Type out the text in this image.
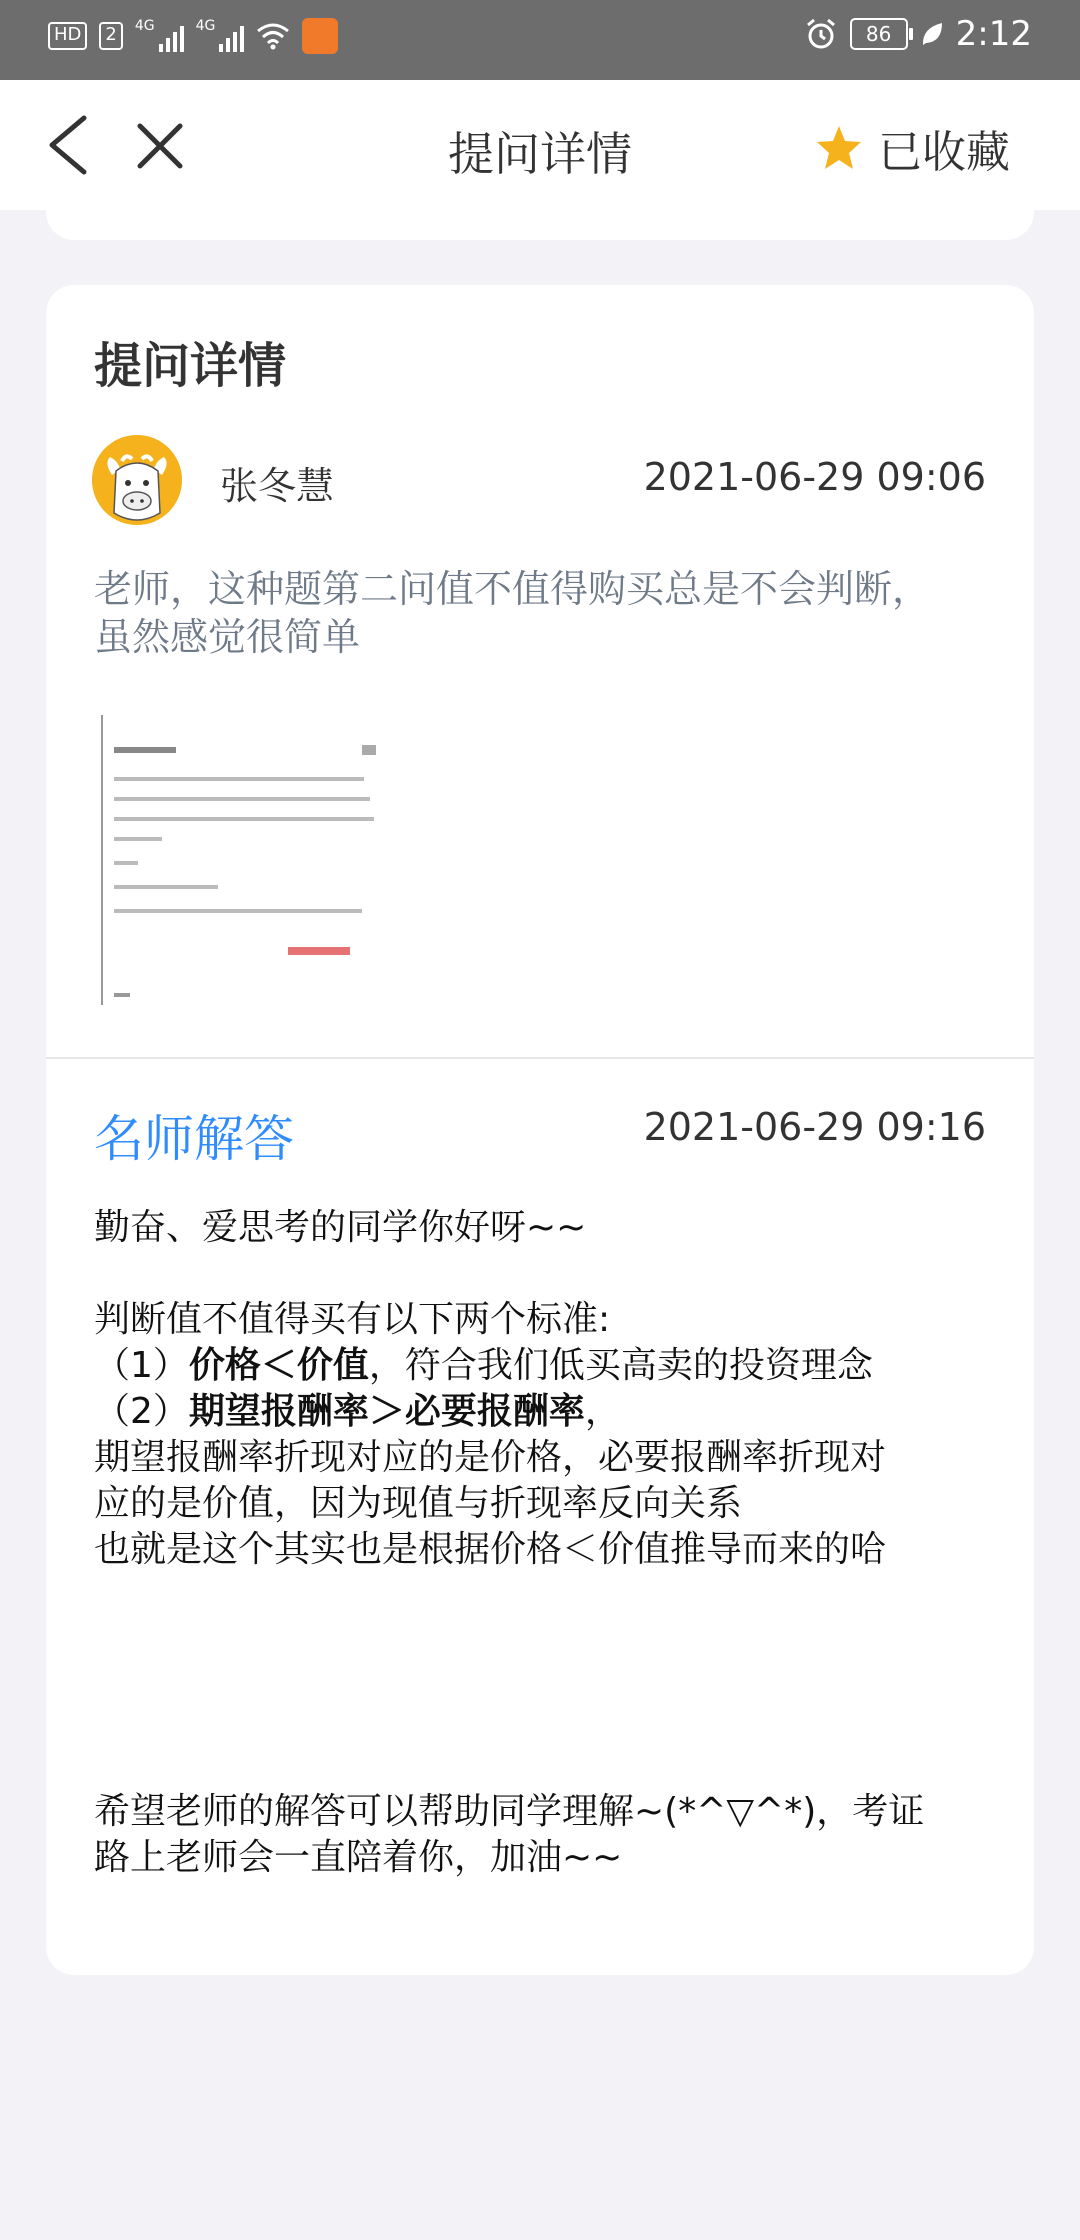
HD	2	4G	4G	86	2:12
提问详情	已收藏
提问详情
张冬慧	2021-06-29 09:06
老师，这种题第二问值不值得购买总是不会判断，
虽然感觉很简单
名师解答	2021-06-29 09:16

勤奋、爱思考的同学你好呀~~

判断值不值得买有以下两个标准:

（1）价格＜价值，符合我们低买高卖的投资理念

（2）期望报酬率＞必要报酬率，

期望报酬率折现对应的是价格，必要报酬率折现对

应的是价值，因为现值与折现率反向关系

也就是这个其实也是根据价格＜价值推导而来的哈

希望老师的解答可以帮助同学理解~(*^▽^*)，考证

路上老师会一直陪着你，加油~~
